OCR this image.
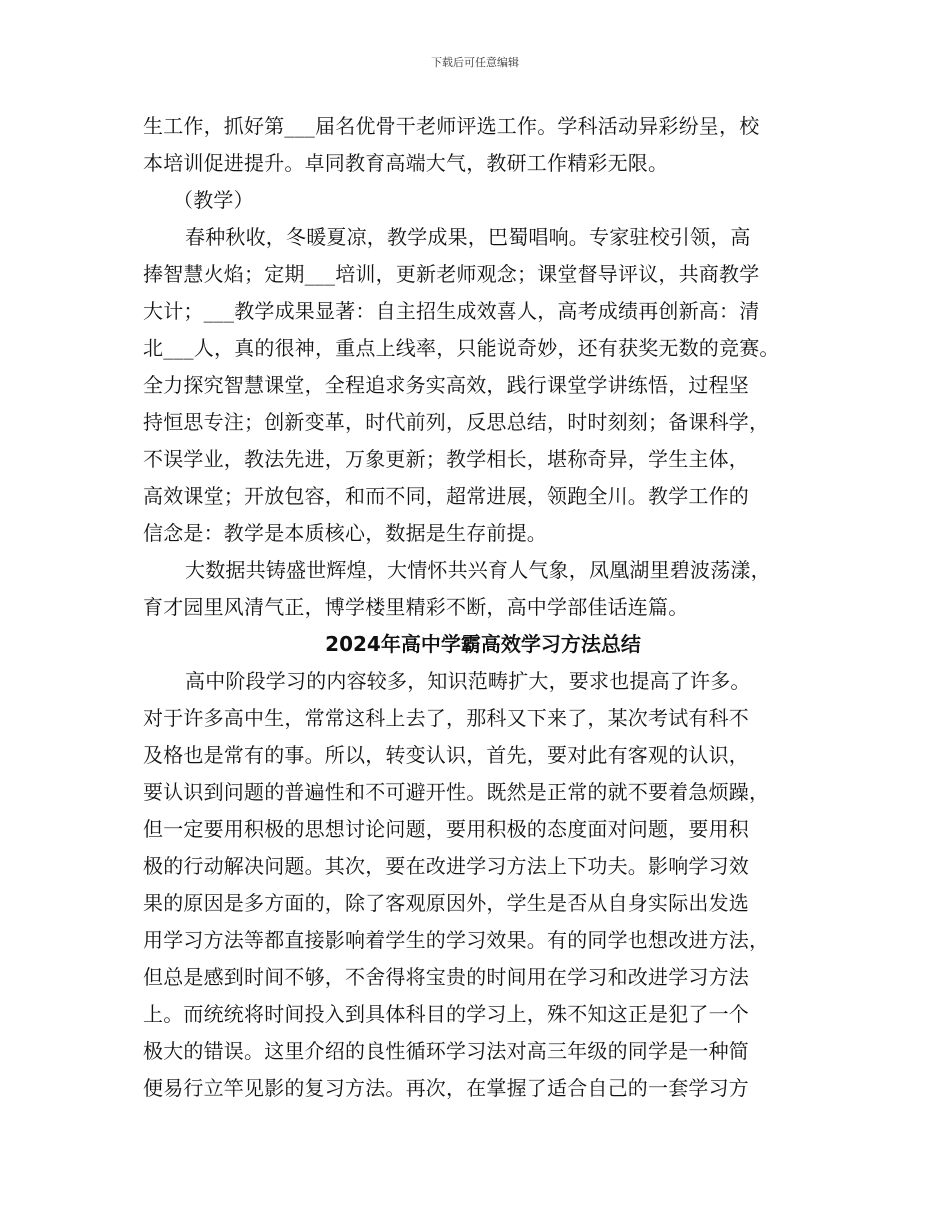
下载后可任意编辑
生工作，抓好第___届名优骨干老师评选工作。学科活动异彩纷呈，校
本培训促进提升。卓同教育高端大气，教研工作精彩无限。
（教学）
春种秋收，冬暖夏凉，教学成果，巴蜀唱响。专家驻校引领，高
捧智慧火焰；定期___培训，更新老师观念；课堂督导评议，共商教学
大计；___教学成果显著：自主招生成效喜人，高考成绩再创新高：清
北___人，真的很神，重点上线率，只能说奇妙，还有获奖无数的竞赛。
全力探究智慧课堂，全程追求务实高效，践行课堂学讲练悟，过程坚
持恒思专注；创新变革，时代前列，反思总结，时时刻刻；备课科学，
不误学业，教法先进，万象更新；教学相长，堪称奇异，学生主体，
高效课堂；开放包容，和而不同，超常进展，领跑全川。教学工作的
信念是：教学是本质核心，数据是生存前提。
大数据共铸盛世辉煌，大情怀共兴育人气象，凤凰湖里碧波荡漾，
育才园里风清气正，博学楼里精彩不断，高中学部佳话连篇。
2024年高中学霸高效学习方法总结
高中阶段学习的内容较多，知识范畴扩大，要求也提高了许多。
对于许多高中生，常常这科上去了，那科又下来了，某次考试有科不
及格也是常有的事。所以，转变认识，首先，要对此有客观的认识，
要认识到问题的普遍性和不可避开性。既然是正常的就不要着急烦躁，
但一定要用积极的思想讨论问题，要用积极的态度面对问题，要用积
极的行动解决问题。其次，要在改进学习方法上下功夫。影响学习效
果的原因是多方面的，除了客观原因外，学生是否从自身实际出发选
用学习方法等都直接影响着学生的学习效果。有的同学也想改进方法，
但总是感到时间不够，不舍得将宝贵的时间用在学习和改进学习方法
上。而统统将时间投入到具体科目的学习上，殊不知这正是犯了一个
极大的错误。这里介绍的良性循环学习法对高三年级的同学是一种简
便易行立竿见影的复习方法。再次，在掌握了适合自己的一套学习方
